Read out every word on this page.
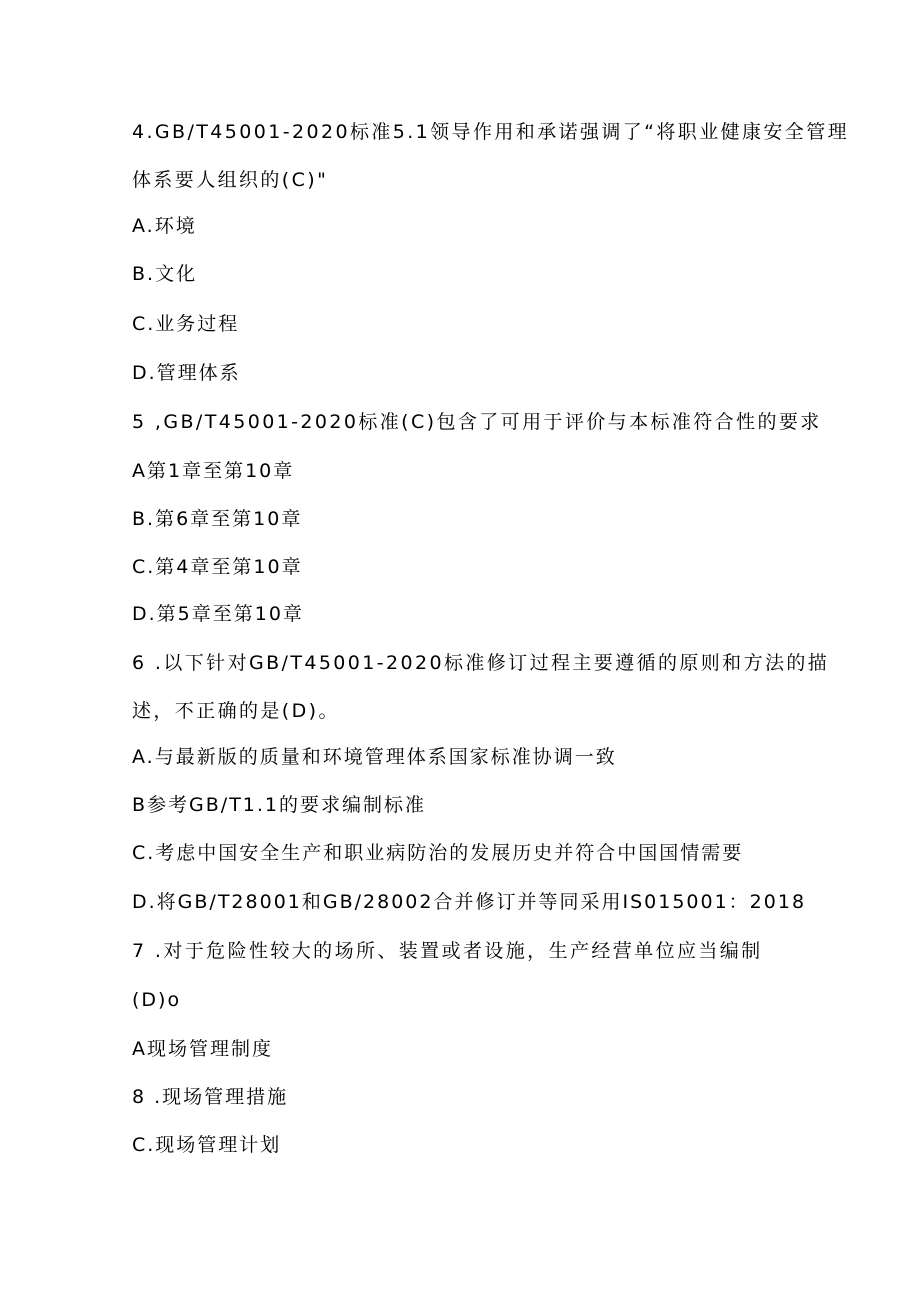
4.GB/T45001-2020标准5.1领导作用和承诺强调了“将职业健康安全管理
体系要人组织的(C)"
A.环境
B.文化
C.业务过程
D.管理体系
5 ,GB/T45001-2020标准(C)包含了可用于评价与本标准符合性的要求
A第1章至第10章
B.第6章至第10章
C.第4章至第10章
D.第5章至第10章
6 .以下针对GB/T45001-2020标准修订过程主要遵循的原则和方法的描
述，不正确的是(D)。
A.与最新版的质量和环境管理体系国家标准协调一致
B参考GB/T1.1的要求编制标准
C.考虑中国安全生产和职业病防治的发展历史并符合中国国情需要
D.将GB/T28001和GB/28002合并修订并等同采用IS015001：2018
7 .对于危险性较大的场所、装置或者设施，生产经营单位应当编制
(D)o
A现场管理制度
8 .现场管理措施
C.现场管理计划
